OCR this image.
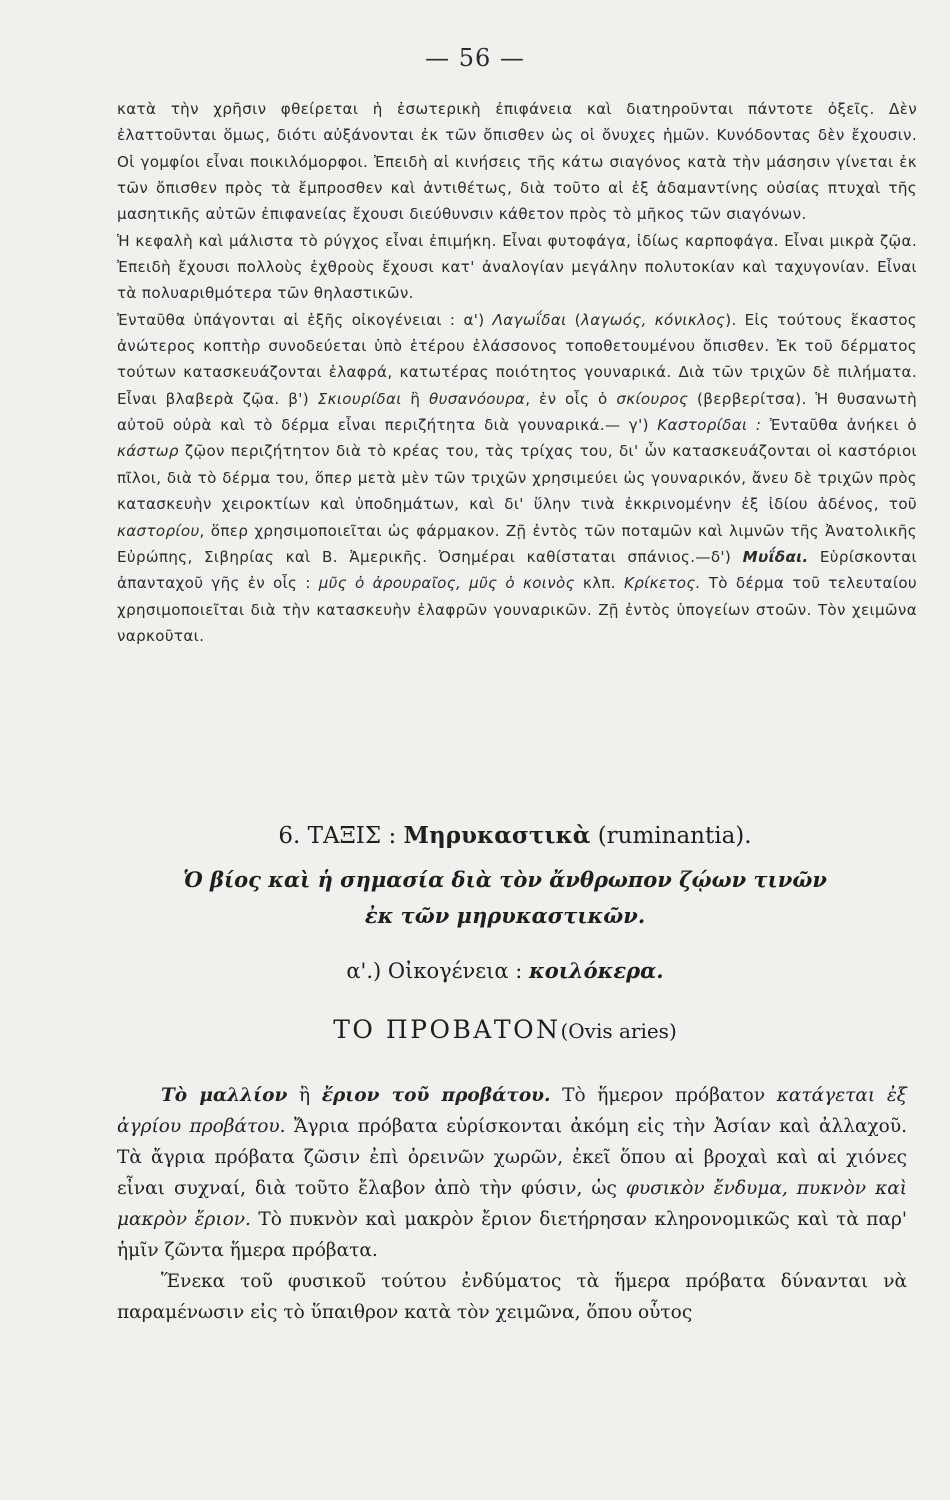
— 56 —

κατὰ τὴν χρῆσιν φθείρεται ἡ ἐσωτερικὴ ἐπιφάνεια καὶ διατηροῦνται πάντοτε ὀξεῖς. Δὲν ἐλαττοῦνται ὅμως, διότι αὐξάνονται ἐκ τῶν ὄπισθεν ὡς οἱ ὄνυχες ἡμῶν. Κυνόδοντας δὲν ἔχουσιν. Οἱ γομφίοι εἶναι ποικιλόμορφοι. Ἐπειδὴ αἱ κινήσεις τῆς κάτω σιαγόνος κατὰ τὴν μάσησιν γίνεται ἐκ τῶν ὄπισθεν πρὸς τὰ ἔμπροσθεν καὶ ἀντιθέτως, διὰ τοῦτο αἱ ἐξ ἀδαμαντίνης οὐσίας πτυχαὶ τῆς μασητικῆς αὐτῶν ἐπιφανείας ἔχουσι διεύθυνσιν κάθετον πρὸς τὸ μῆκος τῶν σιαγόνων.

Ἡ κεφαλὴ καὶ μάλιστα τὸ ρύγχος εἶναι ἐπιμήκη. Εἶναι φυτοφάγα, ἰδίως καρποφάγα. Εἶναι μικρὰ ζῷα. Ἐπειδὴ ἔχουσι πολλοὺς ἐχθροὺς ἔχουσι κατ' ἀναλογίαν μεγάλην πολυτοκίαν καὶ ταχυγονίαν. Εἶναι τὰ πολυαριθμότερα τῶν θηλαστικῶν.

Ἐνταῦθα ὑπάγονται αἱ ἑξῆς οἰκογένειαι : α') Λαγωΐδαι (λαγωός, κόνικλος). Εἰς τούτους ἕκαστος ἀνώτερος κοπτὴρ συνοδεύεται ὑπὸ ἑτέρου ἐλάσσονος τοποθετουμένου ὄπισθεν. Ἐκ τοῦ δέρματος τούτων κατασκευάζονται ἐλαφρά, κατωτέρας ποιότητος γουναρικά. Διὰ τῶν τριχῶν δὲ πιλήματα. Εἶναι βλαβερὰ ζῷα. β') Σκιουρίδαι ἢ θυσανόουρα, ἐν οἷς ὁ σκίουρος (βερβερίτσα). Ἡ θυσανωτὴ αὐτοῦ οὐρὰ καὶ τὸ δέρμα εἶναι περιζήτητα διὰ γουναρικά.— γ') Καστορίδαι : Ἐνταῦθα ἀνήκει ὁ κάστωρ ζῷον περιζήτητον διὰ τὸ κρέας του, τὰς τρίχας του, δι' ὧν κατασκευάζονται οἱ καστόριοι πῖλοι, διὰ τὸ δέρμα του, ὅπερ μετὰ μὲν τῶν τριχῶν χρησιμεύει ὡς γουναρικόν, ἄνευ δὲ τριχῶν πρὸς κατασκευὴν χειροκτίων καὶ ὑποδημάτων, καὶ δι' ὕλην τινὰ ἐκκρινομένην ἐξ ἰδίου ἀδένος, τοῦ καστορίου, ὅπερ χρησιμοποιεῖται ὡς φάρμακον. Ζῇ ἐντὸς τῶν ποταμῶν καὶ λιμνῶν τῆς Ἀνατολικῆς Εὐρώπης, Σιβηρίας καὶ Β. Ἀμερικῆς. Ὀσημέραι καθίσταται σπάνιος.—δ') Μυΐδαι. Εὑρίσκονται ἀπανταχοῦ γῆς ἐν οἷς : μῦς ὁ ἀρουραῖος, μῦς ὁ κοινὸς κλπ. Κρίκετος. Τὸ δέρμα τοῦ τελευταίου χρησιμοποιεῖται διὰ τὴν κατασκευὴν ἐλαφρῶν γουναρικῶν. Ζῇ ἐντὸς ὑπογείων στοῶν. Τὸν χειμῶνα ναρκοῦται.

6. ΤΑΞΙΣ : Μηρυκαστικὰ (ruminantia).
Ὁ βίος καὶ ἡ σημασία διὰ τὸν ἄνθρωπον ζῴων τινῶν
ἐκ τῶν μηρυκαστικῶν.
α'.) Οἰκογένεια : κοιλόκερα.
ΤΟ ΠΡΟΒΑΤΟΝ(Ovis aries)

Τὸ μαλλίον ἢ ἔριον τοῦ προβάτου. Τὸ ἥμερον πρόβατον κατάγεται ἐξ ἀγρίου προβάτου. Ἄγρια πρόβατα εὑρίσκονται ἀκόμη εἰς τὴν Ἀσίαν καὶ ἀλλαχοῦ. Τὰ ἄγρια πρόβατα ζῶσιν ἐπὶ ὀρεινῶν χωρῶν, ἐκεῖ ὅπου αἱ βροχαὶ καὶ αἱ χιόνες εἶναι συχναί, διὰ τοῦτο ἔλαβον ἀπὸ τὴν φύσιν, ὡς φυσικὸν ἔνδυμα, πυκνὸν καὶ μακρὸν ἔριον. Τὸ πυκνὸν καὶ μακρὸν ἔριον διετήρησαν κληρονομικῶς καὶ τὰ παρ' ἡμῖν ζῶντα ἥμερα πρόβατα.

Ἕνεκα τοῦ φυσικοῦ τούτου ἐνδύματος τὰ ἥμερα πρόβατα δύνανται νὰ παραμένωσιν εἰς τὸ ὕπαιθρον κατὰ τὸν χειμῶνα, ὅπου οὗτος
